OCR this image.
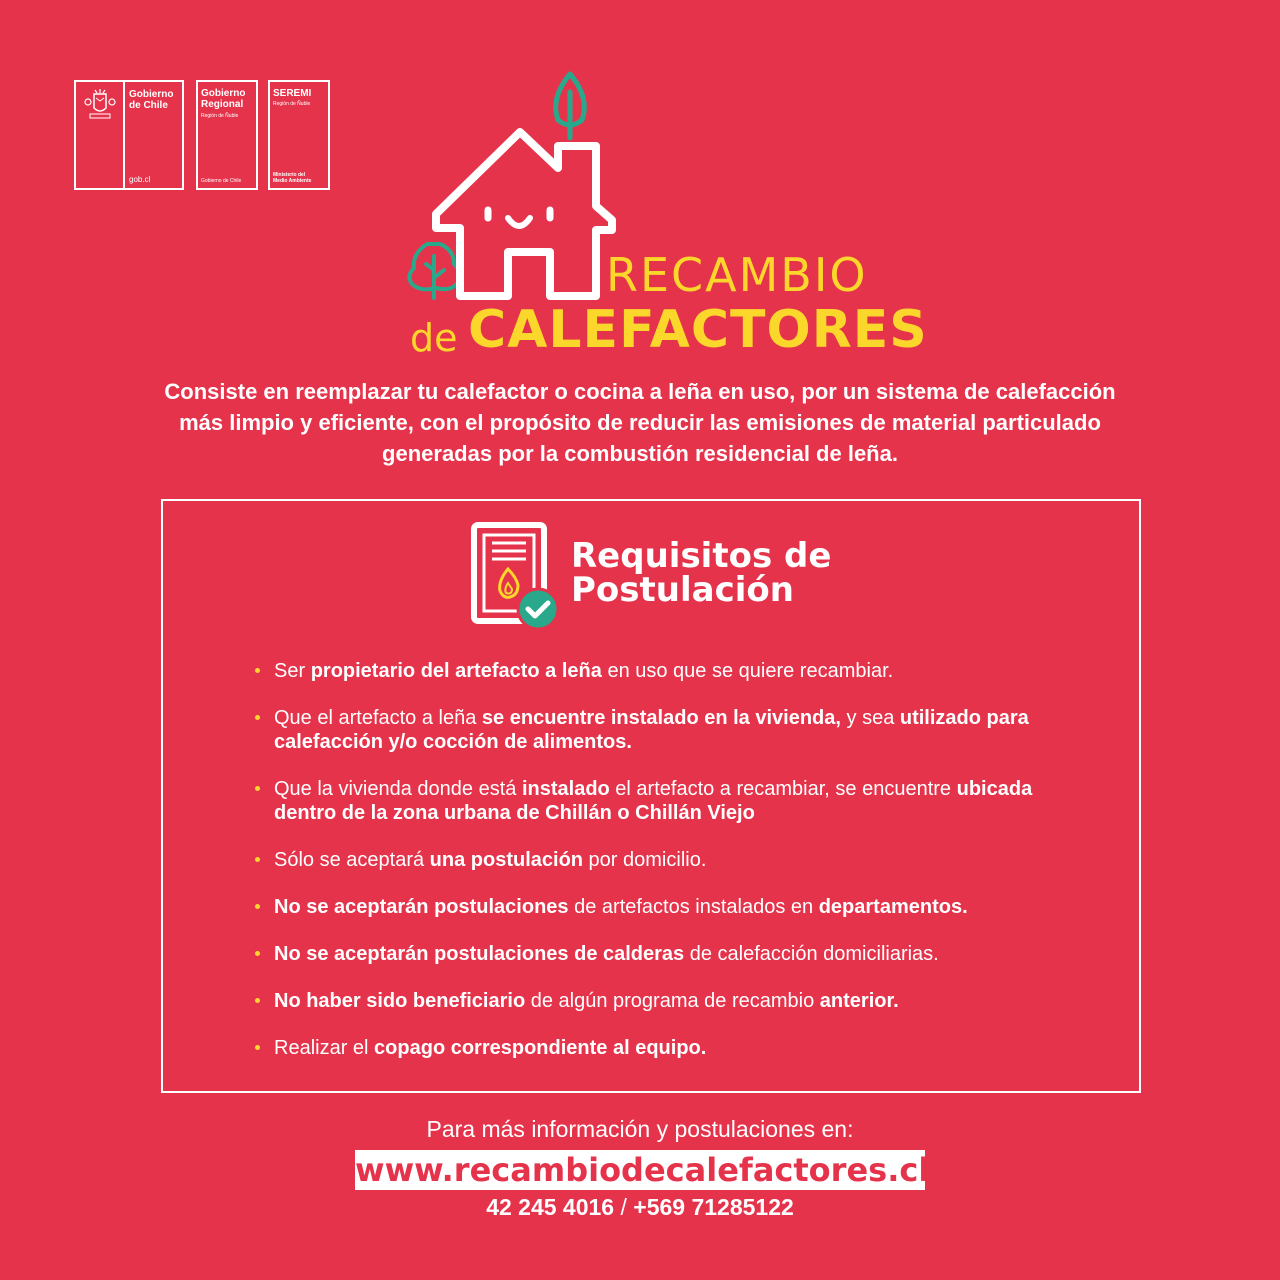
Gobierno
de Chile
gob.cl
Gobierno
Regional
Región de Ñuble
Gobierno de Chile
SEREMI
Región de Ñuble
Ministerio del
Medio Ambiente
RECAMBIO
de CALEFACTORES
Consiste en reemplazar tu calefactor o cocina a leña en uso, por un sistema de calefacción más limpio y eficiente, con el propósito de reducir las emisiones de material particulado generadas por la combustión residencial de leña.
Requisitos de
Postulación
Ser propietario del artefacto a leña en uso que se quiere recambiar.
Que el artefacto a leña se encuentre instalado en la vivienda, y sea utilizado para calefacción y/o cocción de alimentos.
Que la vivienda donde está instalado el artefacto a recambiar, se encuentre ubicada dentro de la zona urbana de Chillán o Chillán Viejo
Sólo se aceptará una postulación por domicilio.
No se aceptarán postulaciones de artefactos instalados en departamentos.
No se aceptarán postulaciones de calderas de calefacción domiciliarias.
No haber sido beneficiario de algún programa de recambio anterior.
Realizar el copago correspondiente al equipo.
Para más información y postulaciones en:
www.recambiodecalefactores.cl
42 245 4016 / +569 71285122
